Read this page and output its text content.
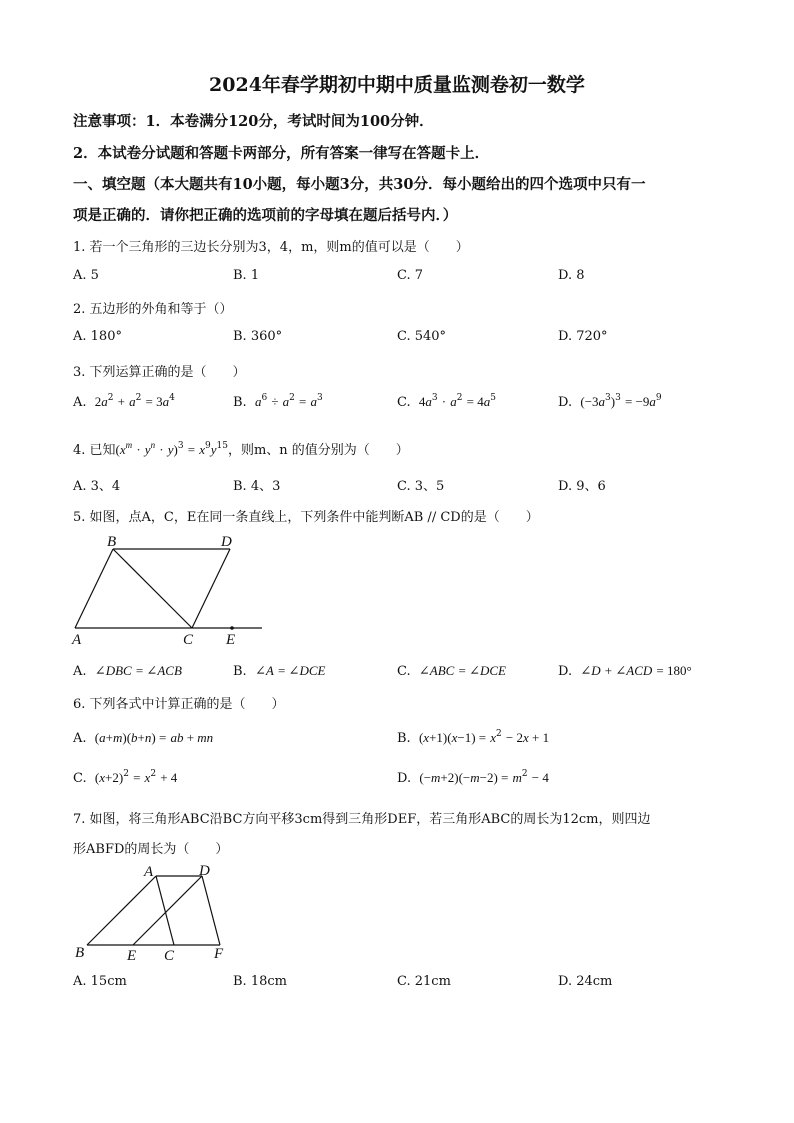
2024年春学期初中期中质量监测卷初一数学
注意事项：1．本卷满分120分，考试时间为100分钟．
2．本试卷分试题和答题卡两部分，所有答案一律写在答题卡上．
一、填空题（本大题共有10小题，每小题3分，共30分．每小题给出的四个选项中只有一
项是正确的．请你把正确的选项前的字母填在题后括号内．）
1. 若一个三角形的三边长分别为3，4，m，则m的值可以是（　　）
A. 5	B. 1	C. 7	D. 8
2. 五边形的外角和等于（）
A. 180°	B. 360°	C. 540°	D. 720°
3. 下列运算正确的是（　　）
A.  $2a^2 + a^2 = 3a^4$	B.  $a^6 \div a^2 = a^3$	C.  $4a^3 \cdot a^2 = 4a^5$	D.  $(-3a^3)^3 = -9a^9$
4. 已知$(x^m \cdot y^n \cdot y)^3 = x^9y^{15}$，则m、n 的值分别为（　　）
A. 3、4	B. 4、3	C. 3、5	D. 9、6
5. 如图，点A，C，E在同一条直线上，下列条件中能判断AB // CD的是（　　）
B	D
A	C E
A.  ∠DBC = ∠ACB	B.  ∠A = ∠DCE	C.  ∠ABC = ∠DCE	D.  ∠D + ∠ACD = 180°
6. 下列各式中计算正确的是（　　）
A.  (a+m)(b+n) = ab + mn	B.  $(x+1)(x-1) = x^2 - 2x + 1$
C.  $(x+2)^2 = x^2 + 4$	D.  $(-m+2)(-m-2) = m^2 - 4$
7. 如图，将三角形ABC沿BC方向平移3cm得到三角形DEF，若三角形ABC的周长为12cm，则四边
形ABFD的周长为（　　）
A	D
B	E C	F
A. 15cm	B. 18cm	C. 21cm	D. 24cm
